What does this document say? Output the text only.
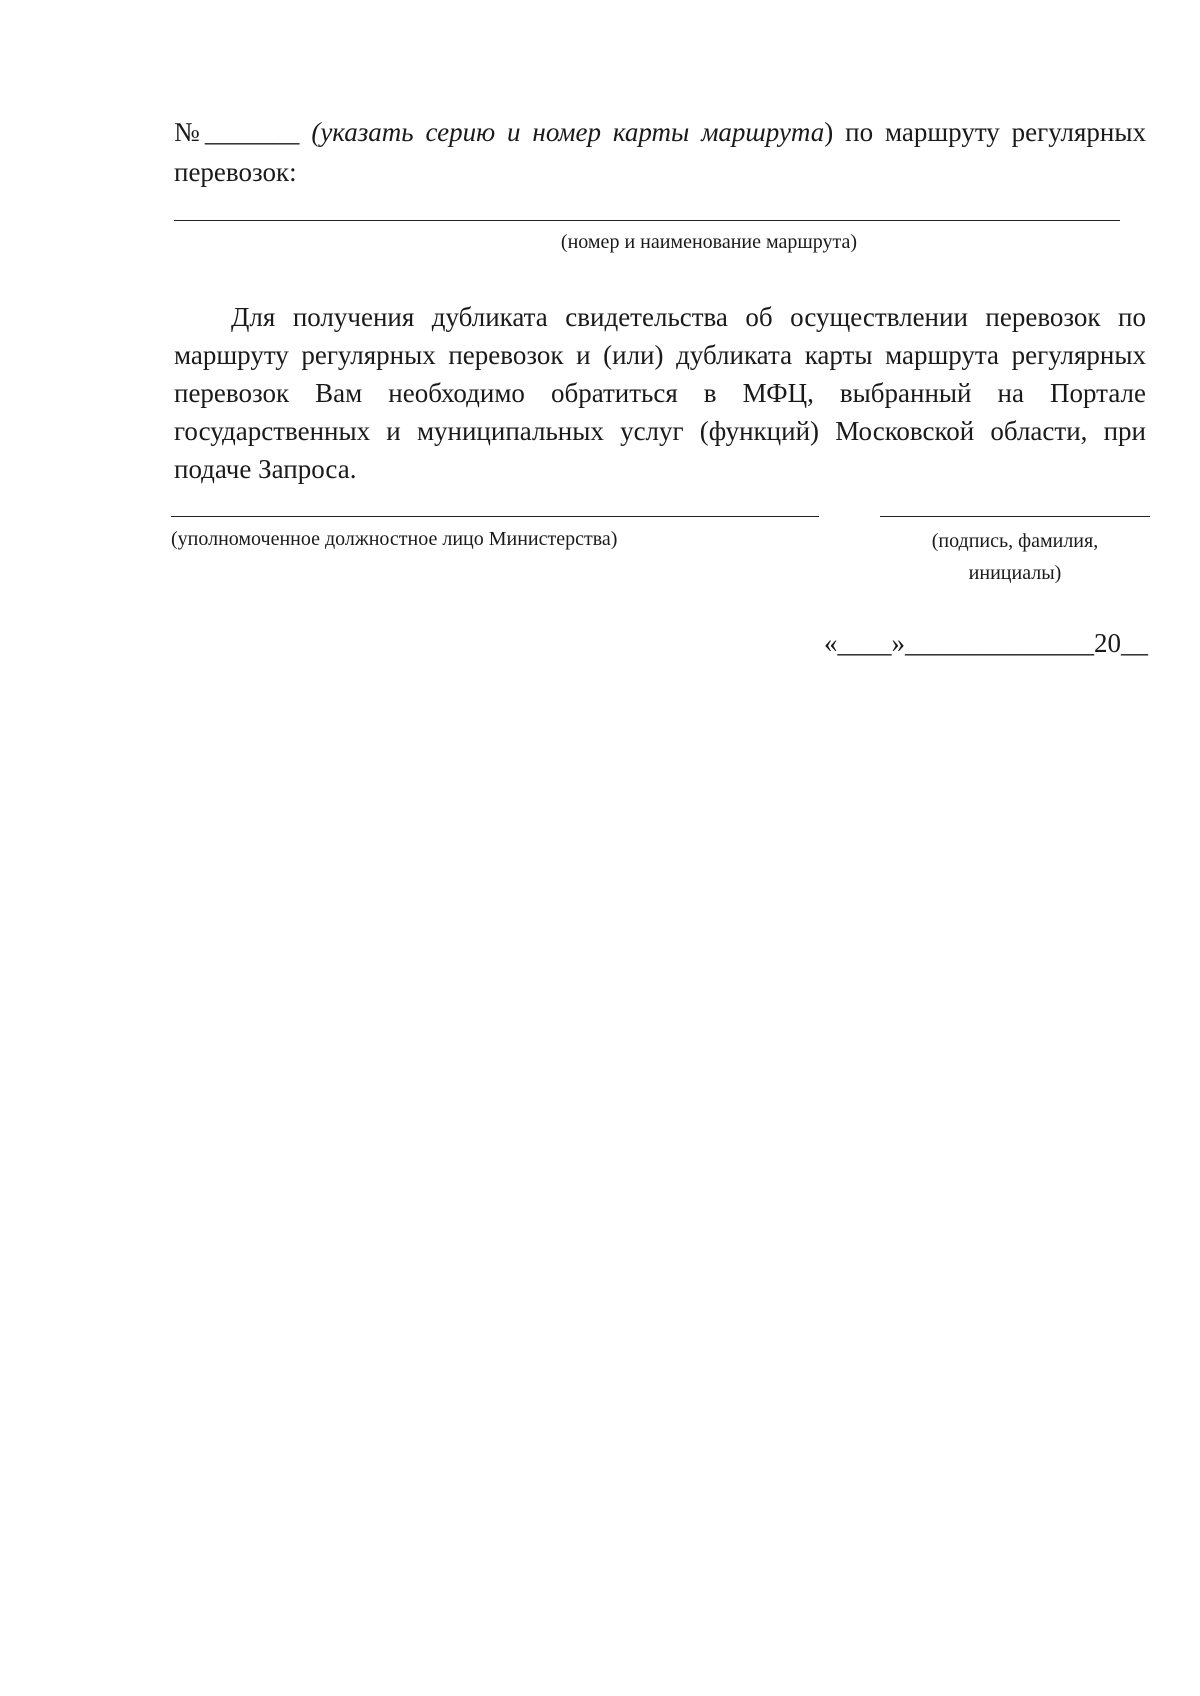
№_______ (указать серию и номер карты маршрута) по маршруту регулярных перевозок:
(номер и наименование маршрута)
Для получения дубликата свидетельства об осуществлении перевозок по маршруту регулярных перевозок и (или) дубликата карты маршрута регулярных перевозок Вам необходимо обратиться в МФЦ, выбранный на Портале государственных и муниципальных услуг (функций) Московской области, при подаче Запроса.
(уполномоченное должностное лицо Министерства)	(подпись, фамилия,
инициалы)
«____»______________20__
